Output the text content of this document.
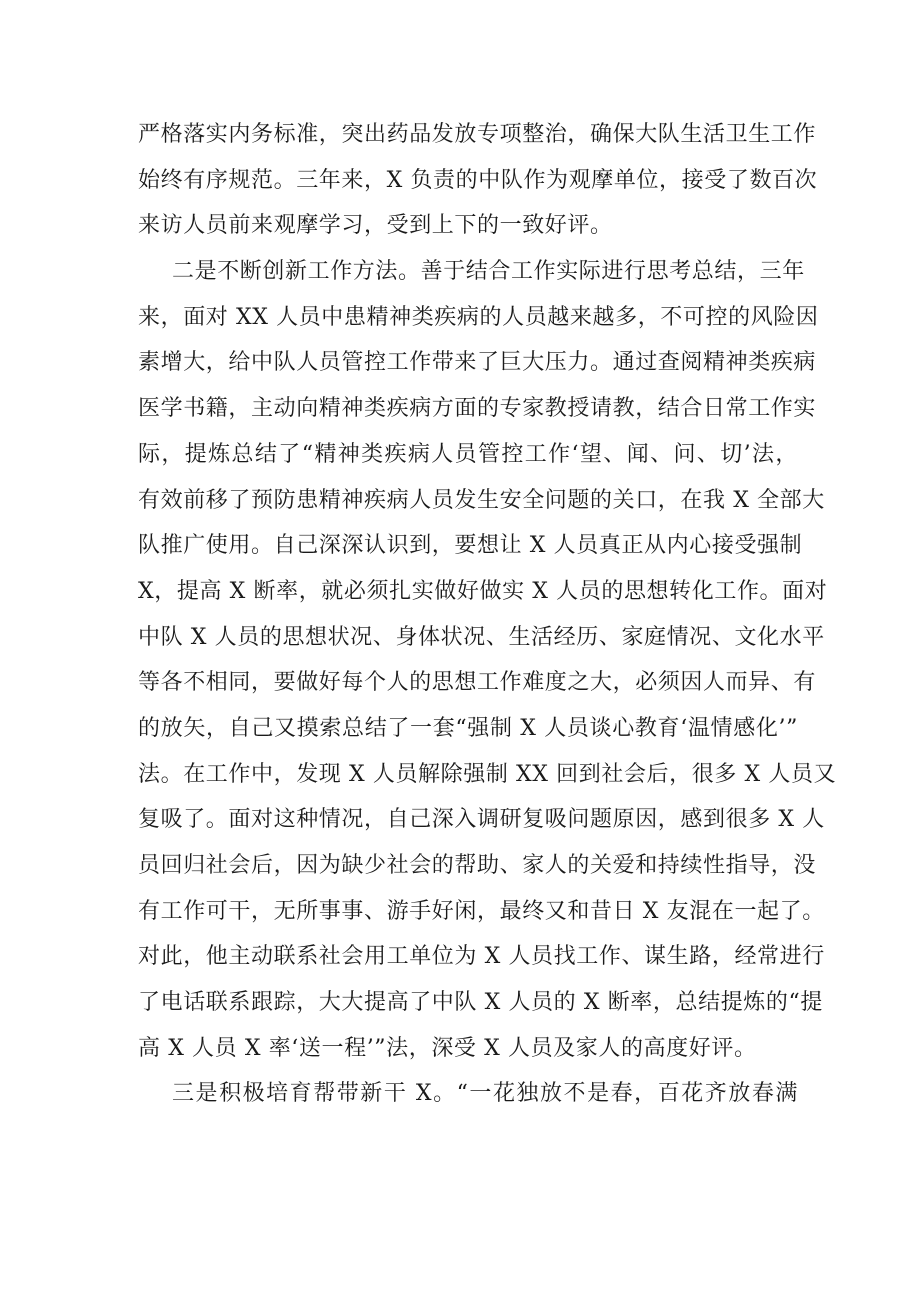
严格落实内务标准，突出药品发放专项整治，确保大队生活卫生工作
始终有序规范。三年来，X 负责的中队作为观摩单位，接受了数百次
来访人员前来观摩学习，受到上下的一致好评。
二是不断创新工作方法。善于结合工作实际进行思考总结，三年
来，面对 XX 人员中患精神类疾病的人员越来越多，不可控的风险因
素增大，给中队人员管控工作带来了巨大压力。通过查阅精神类疾病
医学书籍，主动向精神类疾病方面的专家教授请教，结合日常工作实
际，提炼总结了“精神类疾病人员管控工作‘望、闻、问、切’法，
有效前移了预防患精神疾病人员发生安全问题的关口，在我 X 全部大
队推广使用。自己深深认识到，要想让 X 人员真正从内心接受强制
X，提高 X 断率，就必须扎实做好做实 X 人员的思想转化工作。面对
中队 X 人员的思想状况、身体状况、生活经历、家庭情况、文化水平
等各不相同，要做好每个人的思想工作难度之大，必须因人而异、有
的放矢，自己又摸索总结了一套“强制 X 人员谈心教育‘温情感化’”
法。在工作中，发现 X 人员解除强制 XX 回到社会后，很多 X 人员又
复吸了。面对这种情况，自己深入调研复吸问题原因，感到很多 X 人
员回归社会后，因为缺少社会的帮助、家人的关爱和持续性指导，没
有工作可干，无所事事、游手好闲，最终又和昔日 X 友混在一起了。
对此，他主动联系社会用工单位为 X 人员找工作、谋生路，经常进行
了电话联系跟踪，大大提高了中队 X 人员的 X 断率，总结提炼的“提
高 X 人员 X 率‘送一程’”法，深受 X 人员及家人的高度好评。
三是积极培育帮带新干 X。“一花独放不是春，百花齐放春满
